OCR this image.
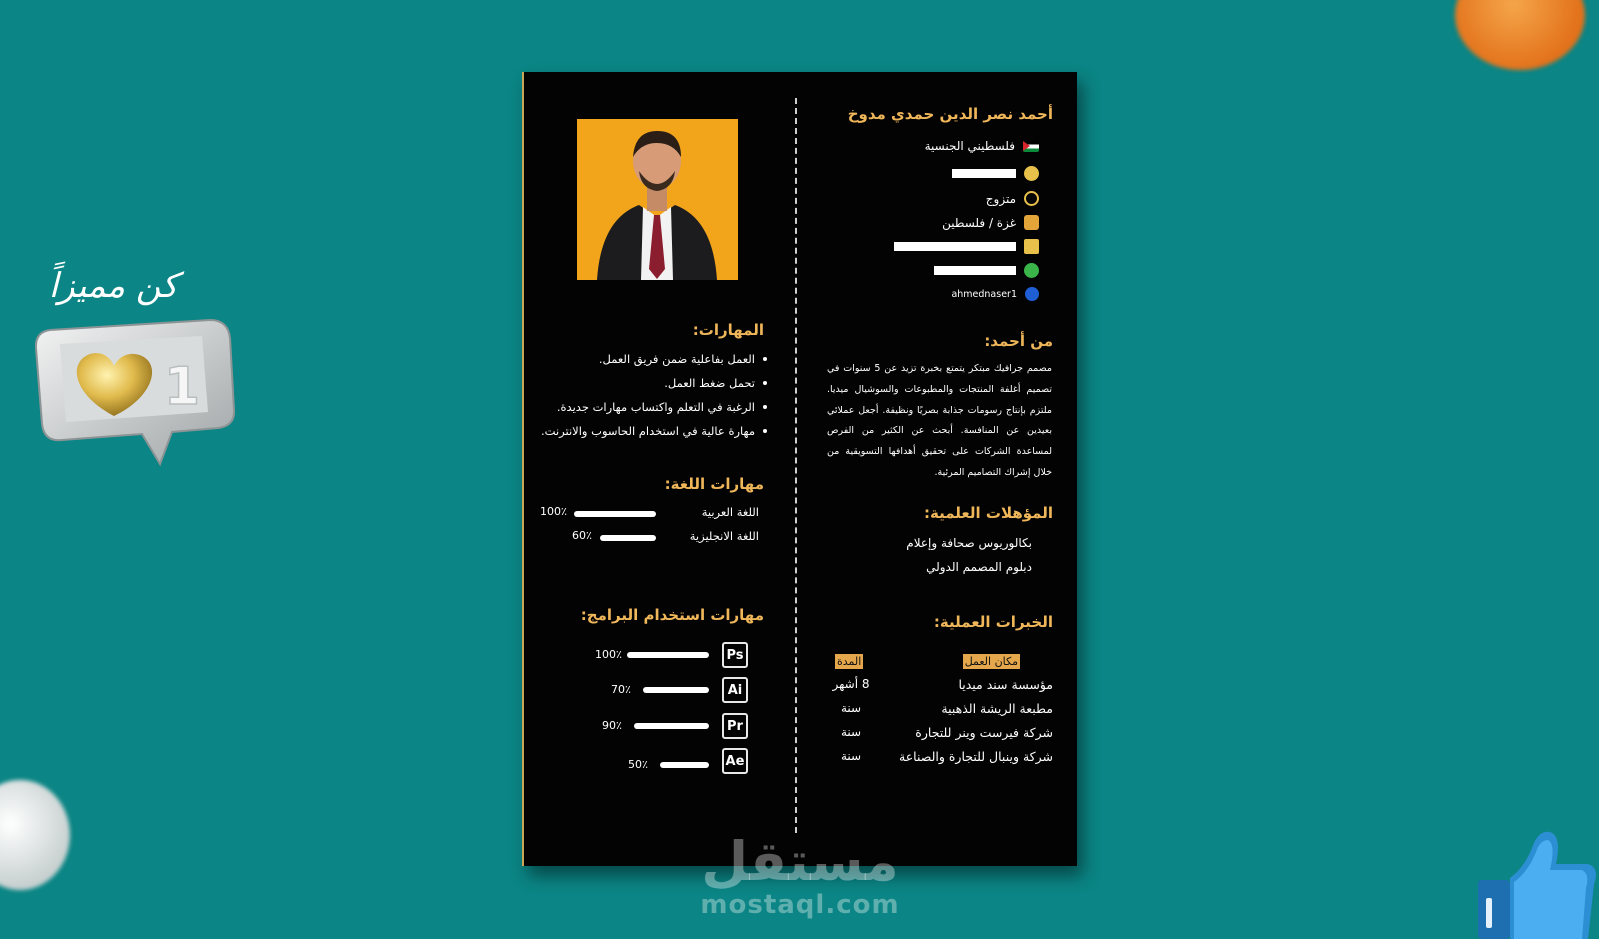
كن مميزاً
1
أحمد نصر الدين حمدي مدوخ
فلسطيني الجنسية
متزوج
غزة / فلسطين
ahmednaser1
من أحمد:
مصمم جرافيك مبتكر يتمتع بخبرة تزيد عن 5 سنوات في تصميم أغلفة المنتجات والمطبوعات والسوشيال ميديا. ملتزم بإنتاج رسومات جذابة بصريًا ونظيفة. أجعل عملائي بعيدين عن المنافسة. أبحث عن الكثير من الفرص لمساعدة الشركات على تحقيق أهدافها التسويقية من خلال إشراك التصاميم المرئية.
المؤهلات العلمية:
بكالوريوس صحافة وإعلام
دبلوم المصمم الدولي
الخبرات العملية:
مكان العمل
المدة
مؤسسة سند ميديا
8 أشهر
مطبعة الريشة الذهبية
سنة
شركة فيرست وينر للتجارة
سنة
شركة وينبال للتجارة والصناعة
سنة
المهارات:
العمل بفاعلية ضمن فريق العمل.
تحمل ضغط العمل.
الرغبة في التعلم واكتساب مهارات جديدة.
مهارة عالية في استخدام الحاسوب والانترنت.
مهارات اللغة:
اللغة العربية
100٪
اللغة الانجليزية
60٪
مهارات استخدام البرامج:
Ps
100٪
Ai
70٪
Pr
90٪
Ae
50٪
مستقل
mostaql.com
